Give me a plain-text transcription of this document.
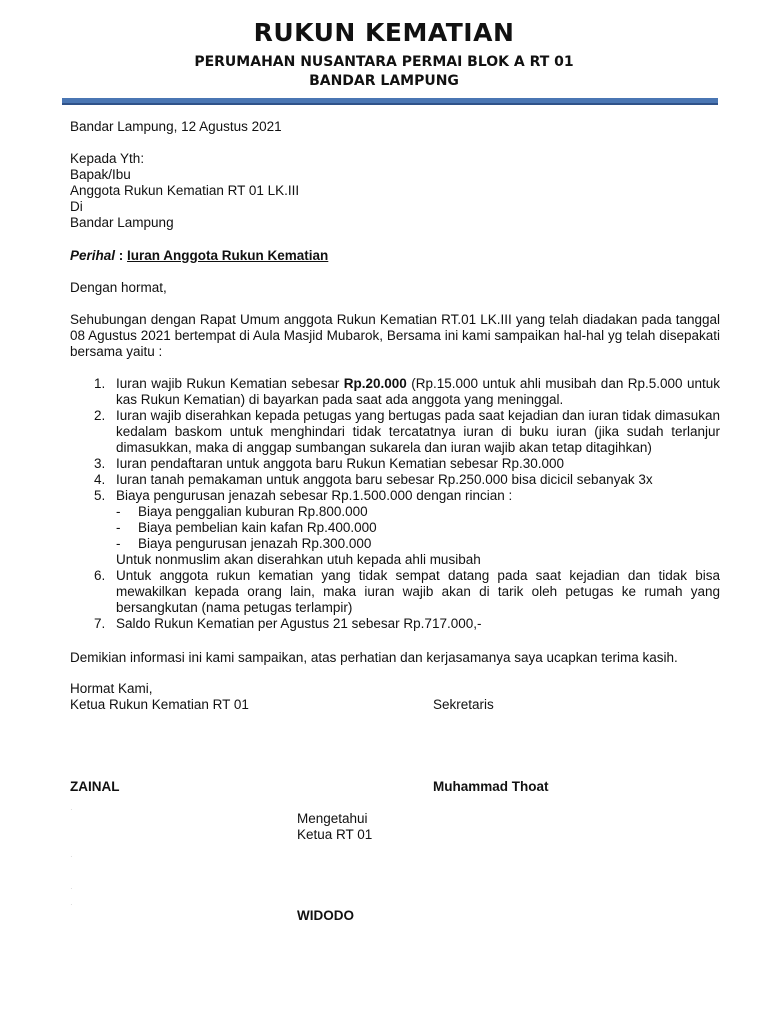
RUKUN KEMATIAN
PERUMAHAN NUSANTARA PERMAI BLOK A RT 01
BANDAR LAMPUNG
Bandar Lampung, 12 Agustus 2021
Kepada Yth:
Bapak/Ibu
Anggota Rukun Kematian RT 01 LK.III
Di
Bandar Lampung
Perihal : Iuran Anggota Rukun Kematian
Dengan hormat,
Sehubungan dengan Rapat Umum anggota Rukun Kematian RT.01 LK.III yang telah diadakan pada tanggal 08 Agustus 2021 bertempat di Aula Masjid Mubarok, Bersama ini kami sampaikan hal-hal yg telah disepakati bersama yaitu :
1. Iuran wajib Rukun Kematian sebesar Rp.20.000 (Rp.15.000 untuk ahli musibah dan Rp.5.000 untuk kas Rukun Kematian) di bayarkan pada saat ada anggota yang meninggal.
2. Iuran wajib diserahkan kepada petugas yang bertugas pada saat kejadian dan iuran tidak dimasukan kedalam baskom untuk menghindari tidak tercatatnya iuran di buku iuran (jika sudah terlanjur dimasukkan, maka di anggap sumbangan sukarela dan iuran wajib akan tetap ditagihkan)
3. Iuran pendaftaran untuk anggota baru Rukun Kematian sebesar Rp.30.000
4. Iuran tanah pemakaman untuk anggota baru sebesar Rp.250.000 bisa dicicil sebanyak 3x
5. Biaya pengurusan jenazah sebesar Rp.1.500.000 dengan rincian :
- Biaya penggalian kuburan Rp.800.000
- Biaya pembelian kain kafan Rp.400.000
- Biaya pengurusan jenazah Rp.300.000
Untuk nonmuslim akan diserahkan utuh kepada ahli musibah
6. Untuk anggota rukun kematian yang tidak sempat datang pada saat kejadian dan tidak bisa mewakilkan kepada orang lain, maka iuran wajib akan di tarik oleh petugas ke rumah yang bersangkutan (nama petugas terlampir)
7. Saldo Rukun Kematian per Agustus 21 sebesar Rp.717.000,-
Demikian informasi ini kami sampaikan, atas perhatian dan kerjasamanya saya ucapkan terima kasih.
Hormat Kami,
Ketua Rukun Kematian RT 01	Sekretaris
ZAINAL	Muhammad Thoat
Mengetahui
Ketua RT 01
WIDODO
·
·
·
·
